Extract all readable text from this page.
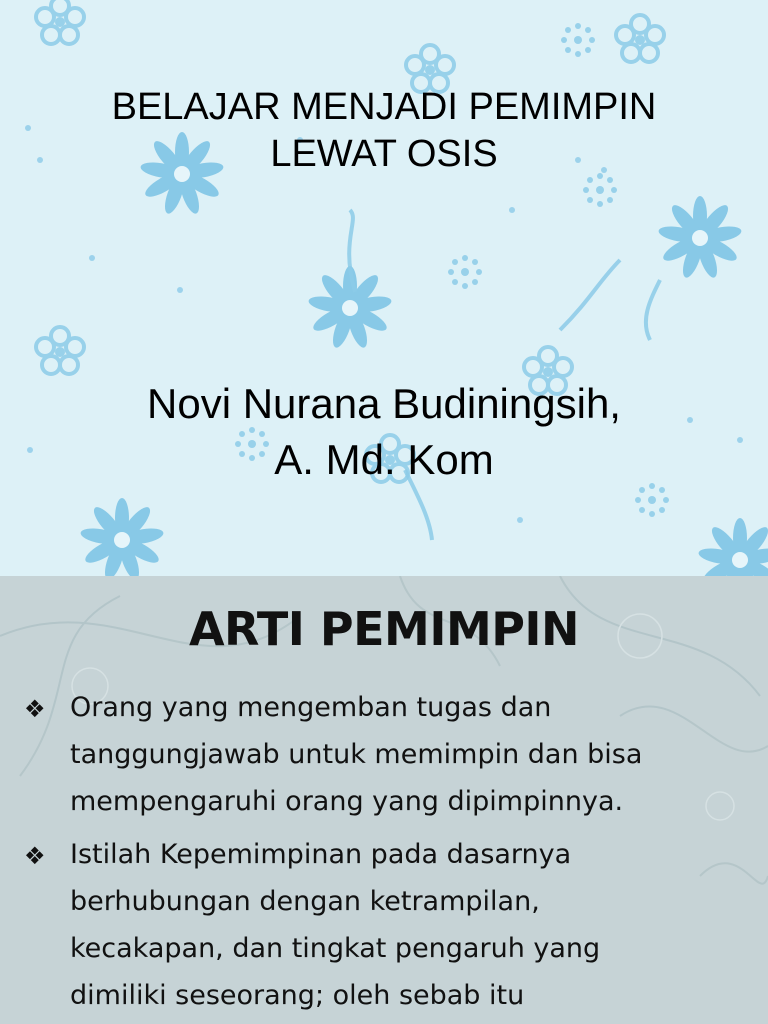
BELAJAR MENJADI PEMIMPIN
LEWAT OSIS
Novi Nurana Budiningsih,
A. Md. Kom
ARTI PEMIMPIN
❖ Orang yang mengemban tugas dan
tanggungjawab untuk memimpin dan bisa
mempengaruhi orang yang dipimpinnya.
❖ Istilah Kepemimpinan pada dasarnya
berhubungan dengan ketrampilan,
kecakapan, dan tingkat pengaruh yang
dimiliki seseorang; oleh sebab itu
